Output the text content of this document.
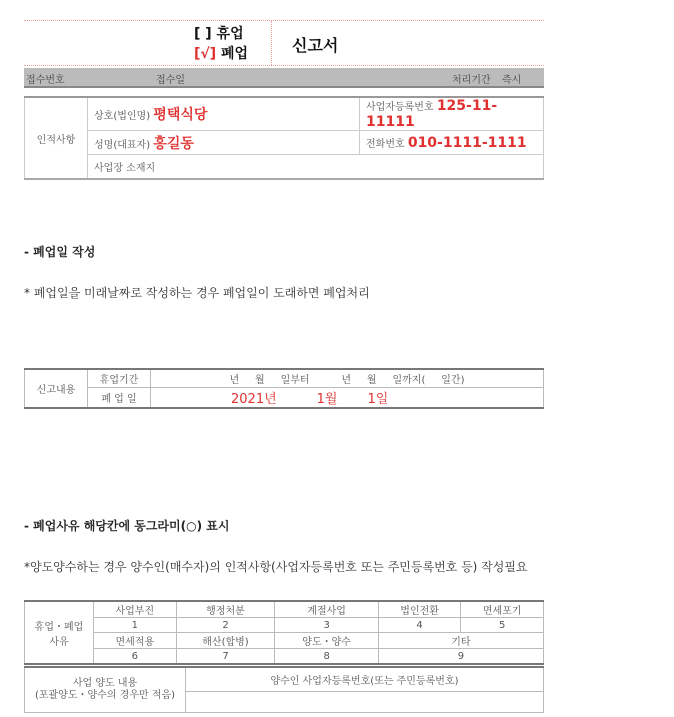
[ ] 휴업
[√] 폐업	신고서
접수번호	접수일	처리기간 즉시
인적사항	상호(법인명) 평택식당	사업자등록번호 125-11-11111
	성명(대표자) 홍길동	전화번호 010-1111-1111
	사업장 소재지	
- 폐업일 작성
* 폐업일을 미래날짜로 작성하는 경우 폐업일이 도래하면 폐업처리
신고내용	휴업기간	년     월     일부터          년     월     일까지(     일간)
	폐 업 일	2021년 1월 1일
- 폐업사유 해당칸에 동그라미(○) 표시
*양도양수하는 경우 양수인(매수자)의 인적사항(사업자등록번호 또는 주민등록번호 등) 작성필요
휴업・폐업
사유	사업부진	행정처분	계절사업	법인전환	면세포기
	1	2	3	4	5
	면세적용	해산(합병)	양도・양수	기타	
	6	7	8	9	
사업 양도 내용
(포괄양도・양수의 경우만 적음)	양수인 사업자등록번호(또는 주민등록번호)
